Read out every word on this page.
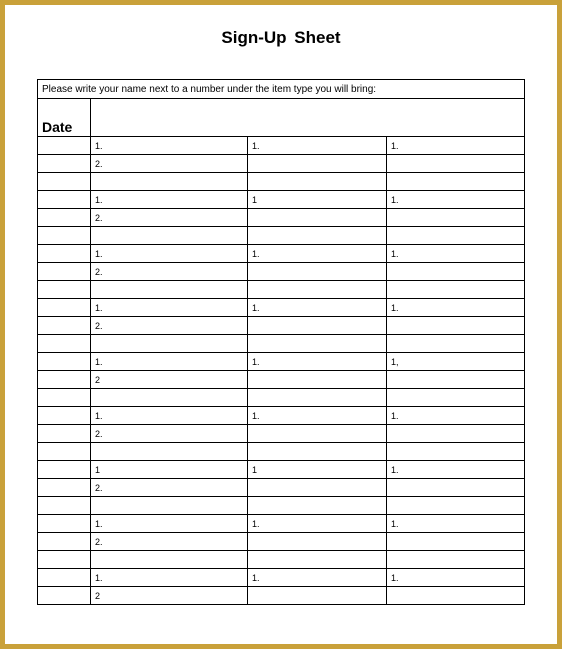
Sign-Up Sheet
Please write your name next to a number under the item type you will bring:			
Date			
	1.	1.	1.
	2.		

	1.	1	1.
	2.		

	1.	1.	1.
	2.		

	1.	1.	1.
	2.		

	1.	1.	1,
	2		

	1.	1.	1.
	2.		

	1	1	1.
	2.		

	1.	1.	1.
	2.		

	1.	1.	1.
	2		
